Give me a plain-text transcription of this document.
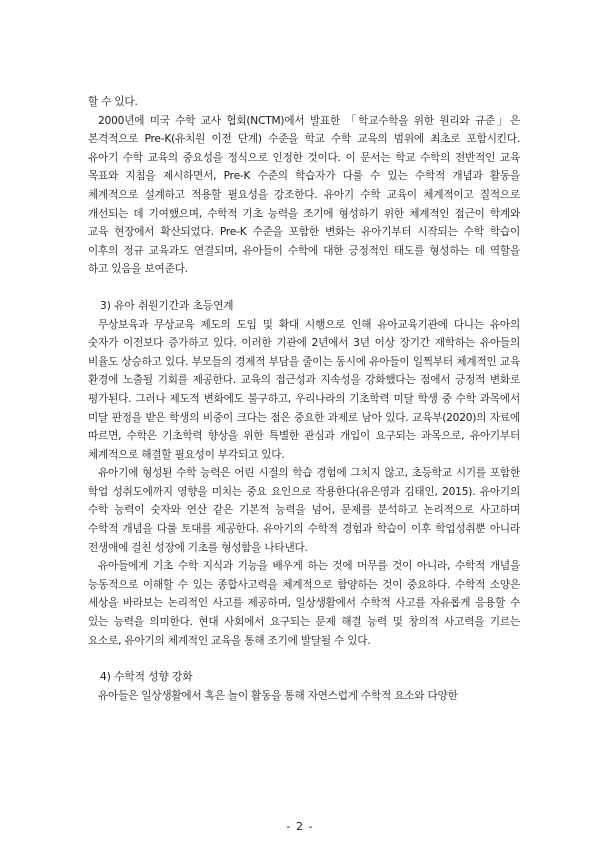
할 수 있다.

2000년에 미국 수학 교사 협회(NCTM)에서 발표한 「학교수학을 위한 원리와 규준」은 본격적으로 Pre-K(유치원 이전 단계) 수준을 학교 수학 교육의 범위에 최초로 포함시킨다. 유아기 수학 교육의 중요성을 정식으로 인정한 것이다. 이 문서는 학교 수학의 전반적인 교육 목표와 지침을 제시하면서, Pre-K 수준의 학습자가 다룰 수 있는 수학적 개념과 활동을 체계적으로 설계하고 적용할 필요성을 강조한다. 유아기 수학 교육이 체계적이고 질적으로 개선되는 데 기여했으며, 수학적 기초 능력을 조기에 형성하기 위한 체계적인 접근이 학계와 교육 현장에서 확산되었다. Pre-K 수준을 포함한 변화는 유아기부터 시작되는 수학 학습이 이후의 정규 교육과도 연결되며, 유아들이 수학에 대한 긍정적인 태도를 형성하는 데 역할을 하고 있음을 보여준다.

3) 유아 취원기간과 초등연계

무상보육과 무상교육 제도의 도입 및 확대 시행으로 인해 유아교육기관에 다니는 유아의 숫자가 이전보다 증가하고 있다. 이러한 기관에 2년에서 3년 이상 장기간 재학하는 유아들의 비율도 상승하고 있다. 부모들의 경제적 부담을 줄이는 동시에 유아들이 일찍부터 체계적인 교육 환경에 노출될 기회를 제공한다. 교육의 접근성과 지속성을 강화했다는 점에서 긍정적 변화로 평가된다. 그러나 제도적 변화에도 불구하고, 우리나라의 기초학력 미달 학생 중 수학 과목에서 미달 판정을 받은 학생의 비중이 크다는 점은 중요한 과제로 남아 있다. 교육부(2020)의 자료에 따르면, 수학은 기초학력 향상을 위한 특별한 관심과 개입이 요구되는 과목으로, 유아기부터 체계적으로 해결할 필요성이 부각되고 있다.

유아기에 형성된 수학 능력은 어린 시절의 학습 경험에 그치지 않고, 초등학교 시기를 포함한 학업 성취도에까지 영향을 미치는 중요 요인으로 작용한다(유은영과 김태인, 2015). 유아기의 수학 능력이 숫자와 연산 같은 기본적 능력을 넘어, 문제를 분석하고 논리적으로 사고하며 수학적 개념을 다룰 토대를 제공한다. 유아기의 수학적 경험과 학습이 이후 학업성취뿐 아니라 전생애에 걸친 성장에 기초를 형성함을 나타낸다.

유아들에게 기초 수학 지식과 기능을 배우게 하는 것에 머무를 것이 아니라, 수학적 개념을 능동적으로 이해할 수 있는 종합사고력을 체계적으로 함양하는 것이 중요하다. 수학적 소양은 세상을 바라보는 논리적인 사고를 제공하며, 일상생활에서 수학적 사고를 자유롭게 응용할 수 있는 능력을 의미한다. 현대 사회에서 요구되는 문제 해결 능력 및 창의적 사고력을 기르는 요소로, 유아기의 체계적인 교육을 통해 조기에 발달될 수 있다.

4) 수학적 성향 강화

유아들은 일상생활에서 혹은 놀이 활동을 통해 자연스럽게 수학적 요소와 다양한

- 2 -
